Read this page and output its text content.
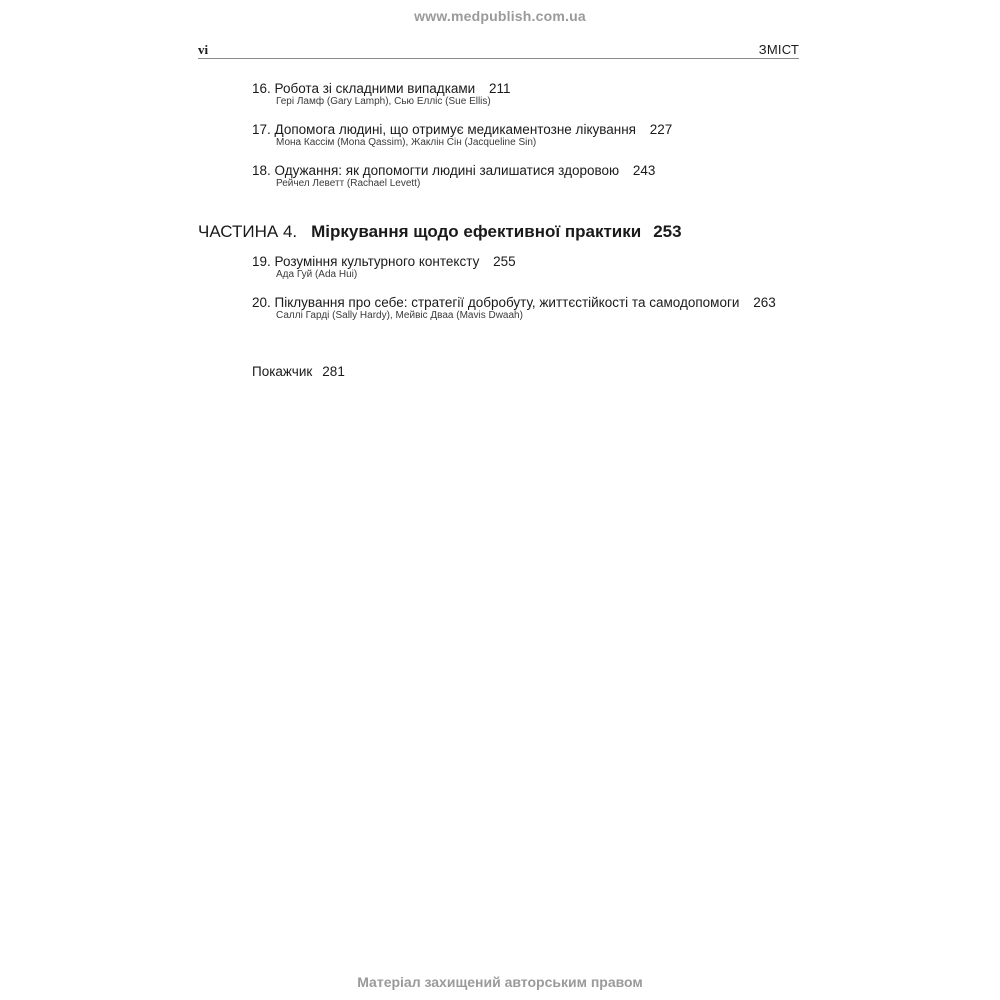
www.medpublish.com.ua
vi	ЗМІСТ
16. Робота зі складними випадками 211
Гері Ламф (Gary Lamph), Сью Елліс (Sue Ellis)
17. Допомога людині, що отримує медикаментозне лікування 227
Мона Кассім (Mona Qassim), Жаклін Сін (Jacqueline Sin)
18. Одужання: як допомогти людині залишатися здоровою 243
Рейчел Леветт (Rachael Levett)
ЧАСТИНА 4. Міркування щодо ефективної практики 253
19. Розуміння культурного контексту 255
Ада Гуй (Ada Hui)
20. Піклування про себе: стратегії добробуту, життєстійкості та самодопомоги 263
Саллі Гарді (Sally Hardy), Мейвіс Дваа (Mavis Dwaah)
Покажчик 281
Матеріал захищений авторським правом
